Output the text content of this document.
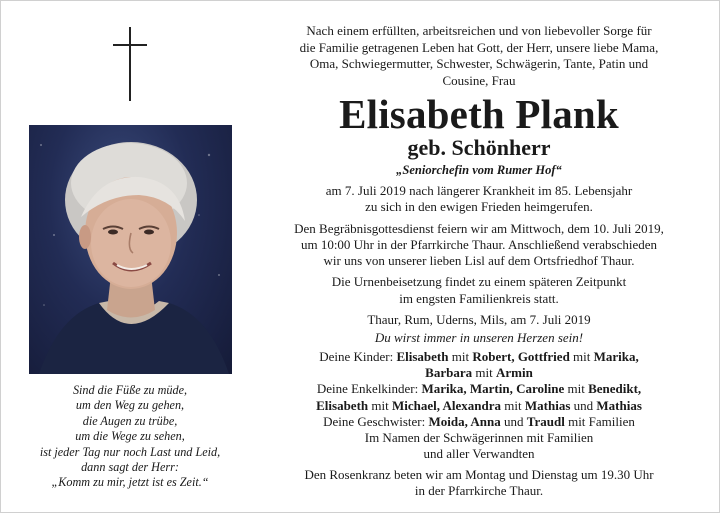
Sind die Füße zu müde,
um den Weg zu gehen,
die Augen zu trübe,
um die Wege zu sehen,
ist jeder Tag nur noch Last und Leid,
dann sagt der Herr:
„Komm zu mir, jetzt ist es Zeit.“
Nach einem erfüllten, arbeitsreichen und von liebevoller Sorge für
die Familie getragenen Leben hat Gott, der Herr, unsere liebe Mama,
Oma, Schwiegermutter, Schwester, Schwägerin, Tante, Patin und
Cousine, Frau
Elisabeth Plank
geb. Schönherr
„Seniorchefin vom Rumer Hof“
am 7. Juli 2019 nach längerer Krankheit im 85. Lebensjahr
zu sich in den ewigen Frieden heimgerufen.
Den Begräbnisgottesdienst feiern wir am Mittwoch, dem 10. Juli 2019,
um 10:00 Uhr in der Pfarrkirche Thaur. Anschließend verabschieden
wir uns von unserer lieben Lisl auf dem Ortsfriedhof Thaur.
Die Urnenbeisetzung findet zu einem späteren Zeitpunkt
im engsten Familienkreis statt.
Thaur, Rum, Uderns, Mils, am 7. Juli 2019
Du wirst immer in unseren Herzen sein!
Deine Kinder: Elisabeth mit Robert, Gottfried mit Marika,
Barbara mit Armin
Deine Enkelkinder: Marika, Martin, Caroline mit Benedikt,
Elisabeth mit Michael, Alexandra mit Mathias und Mathias
Deine Geschwister: Moida, Anna und Traudl mit Familien
Im Namen der Schwägerinnen mit Familien
und aller Verwandten
Den Rosenkranz beten wir am Montag und Dienstag um 19.30 Uhr
in der Pfarrkirche Thaur.
